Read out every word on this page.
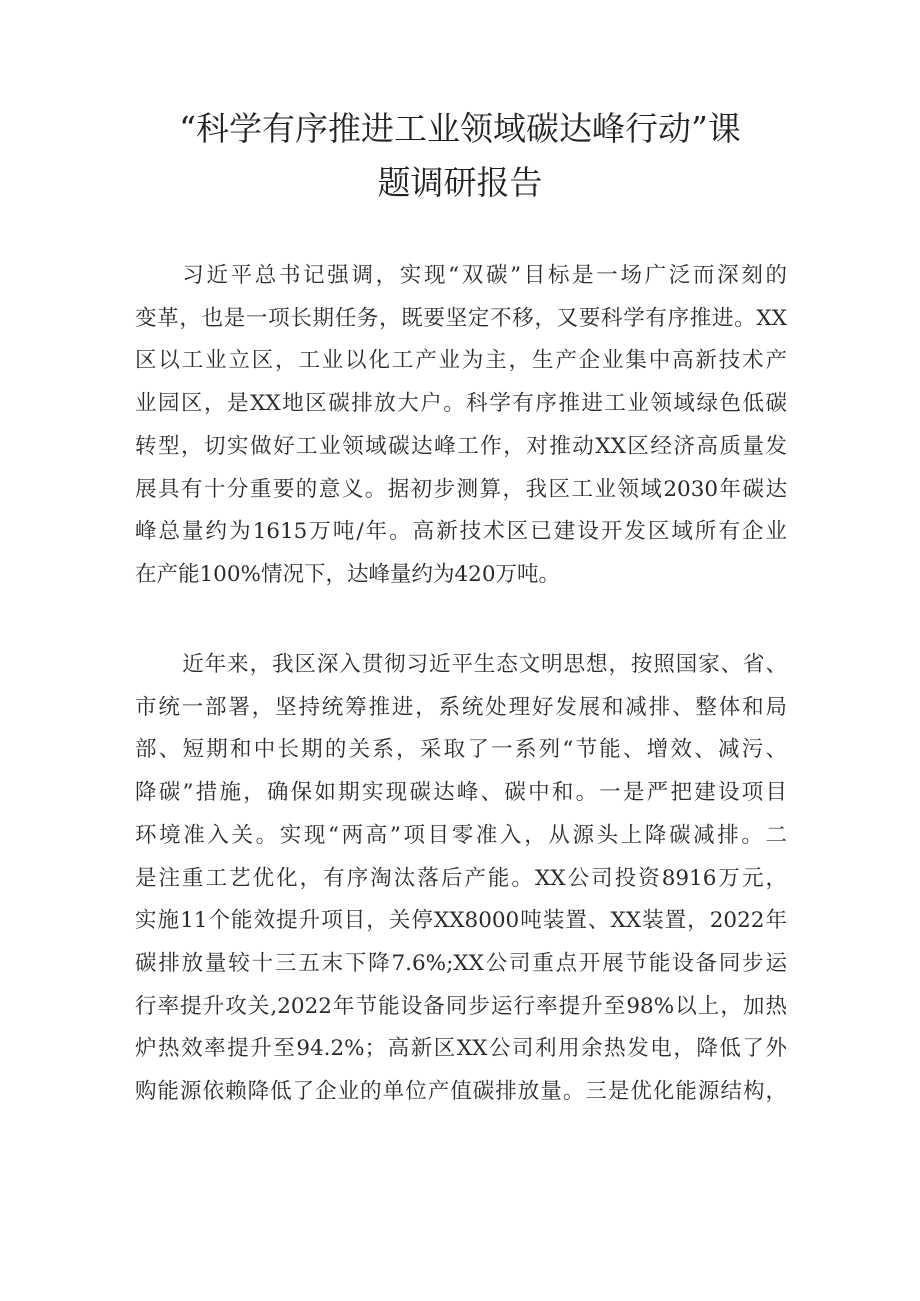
“科学有序推进工业领域碳达峰行动”课
题调研报告
习近平总书记强调，实现“双碳”目标是一场广泛而深刻的
变革，也是一项长期任务，既要坚定不移，又要科学有序推进。XX
区以工业立区，工业以化工产业为主，生产企业集中高新技术产
业园区，是XX地区碳排放大户。科学有序推进工业领域绿色低碳
转型，切实做好工业领域碳达峰工作，对推动XX区经济高质量发
展具有十分重要的意义。据初步测算，我区工业领域2030年碳达
峰总量约为1615万吨/年。高新技术区已建设开发区域所有企业
在产能100%情况下，达峰量约为420万吨。
近年来，我区深入贯彻习近平生态文明思想，按照国家、省、
市统一部署，坚持统筹推进，系统处理好发展和减排、整体和局
部、短期和中长期的关系，采取了一系列“节能、增效、减污、
降碳”措施，确保如期实现碳达峰、碳中和。一是严把建设项目
环境准入关。实现“两高”项目零准入，从源头上降碳减排。二
是注重工艺优化，有序淘汰落后产能。XX公司投资8916万元，
实施11个能效提升项目，关停XX8000吨装置、XX装置，2022年
碳排放量较十三五末下降7.6%;XX公司重点开展节能设备同步运
行率提升攻关,2022年节能设备同步运行率提升至98%以上，加热
炉热效率提升至94.2%；高新区XX公司利用余热发电，降低了外
购能源依赖降低了企业的单位产值碳排放量。三是优化能源结构，
